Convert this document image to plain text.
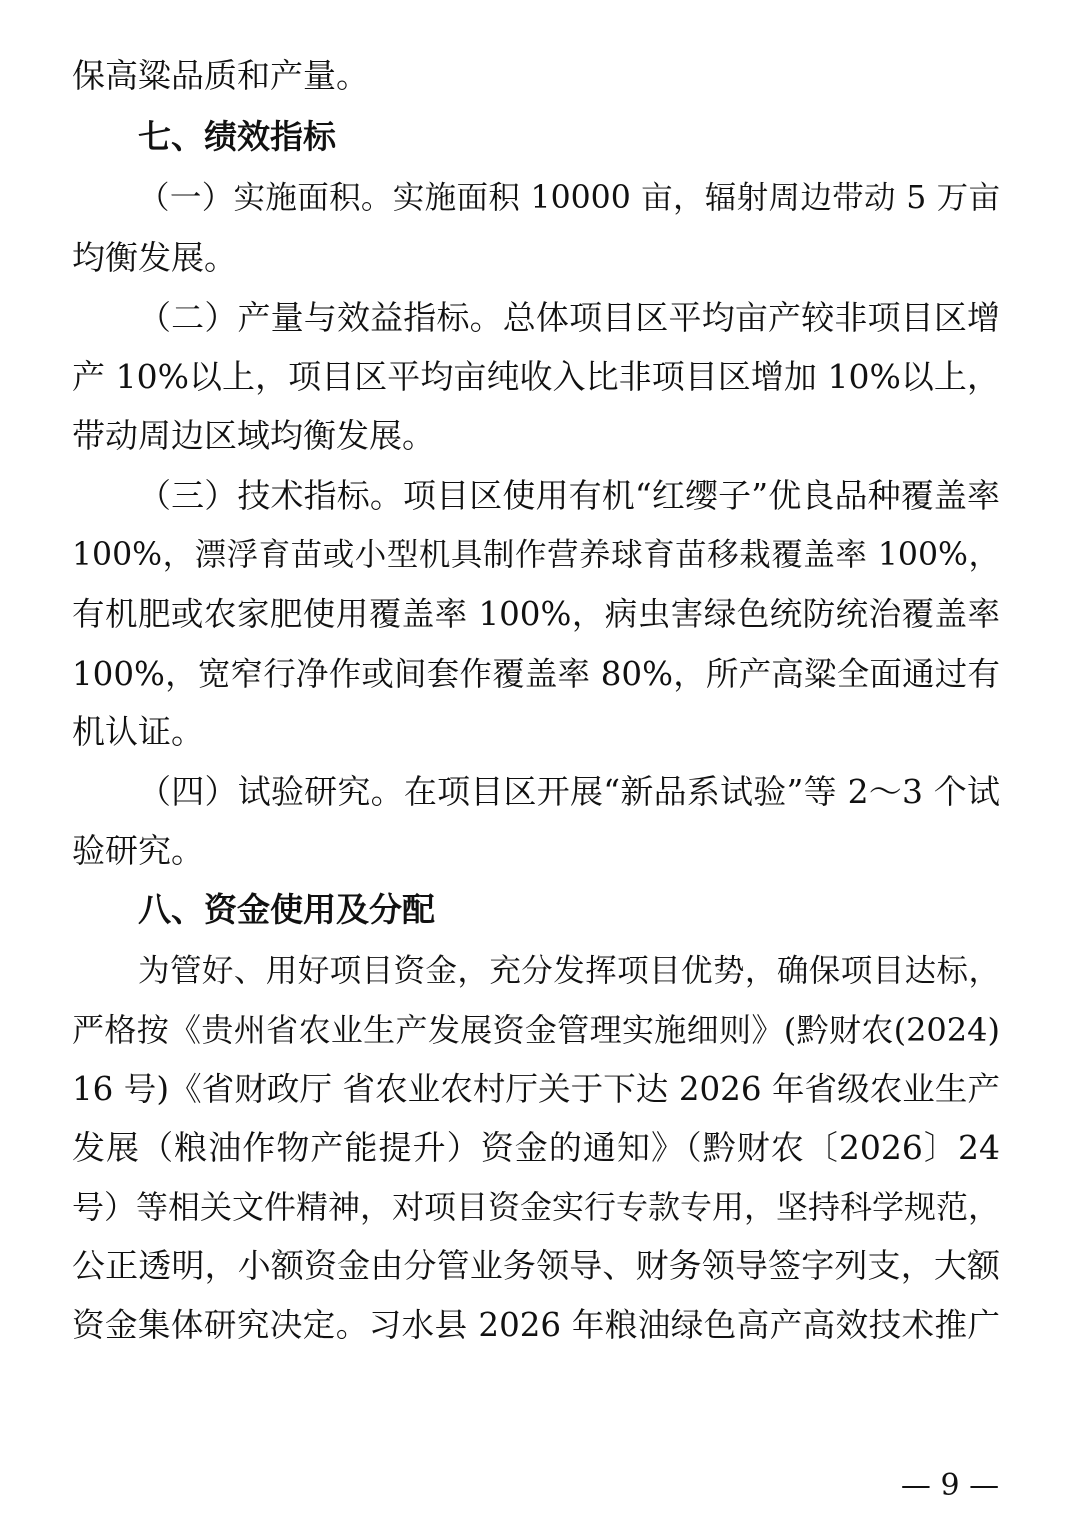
保高粱品质和产量。
七、绩效指标
（一）实施面积。实施面积 10000 亩，辐射周边带动 5 万亩
均衡发展。
（二）产量与效益指标。总体项目区平均亩产较非项目区增
产 10%以上，项目区平均亩纯收入比非项目区增加 10%以上，
带动周边区域均衡发展。
（三）技术指标。项目区使用有机“红缨子”优良品种覆盖率
100%，漂浮育苗或小型机具制作营养球育苗移栽覆盖率 100%，
有机肥或农家肥使用覆盖率 100%，病虫害绿色统防统治覆盖率
100%，宽窄行净作或间套作覆盖率 80%，所产高粱全面通过有
机认证。
（四）试验研究。在项目区开展“新品系试验”等 2～3 个试
验研究。
八、资金使用及分配
为管好、用好项目资金，充分发挥项目优势，确保项目达标，
严格按《贵州省农业生产发展资金管理实施细则》(黔财农(2024)
16 号)《省财政厅 省农业农村厅关于下达 2026 年省级农业生产
发展（粮油作物产能提升）资金的通知》（黔财农〔2026〕24
号）等相关文件精神，对项目资金实行专款专用，坚持科学规范，
公正透明，小额资金由分管业务领导、财务领导签字列支，大额
资金集体研究决定。习水县 2026 年粮油绿色高产高效技术推广
— 9 —
